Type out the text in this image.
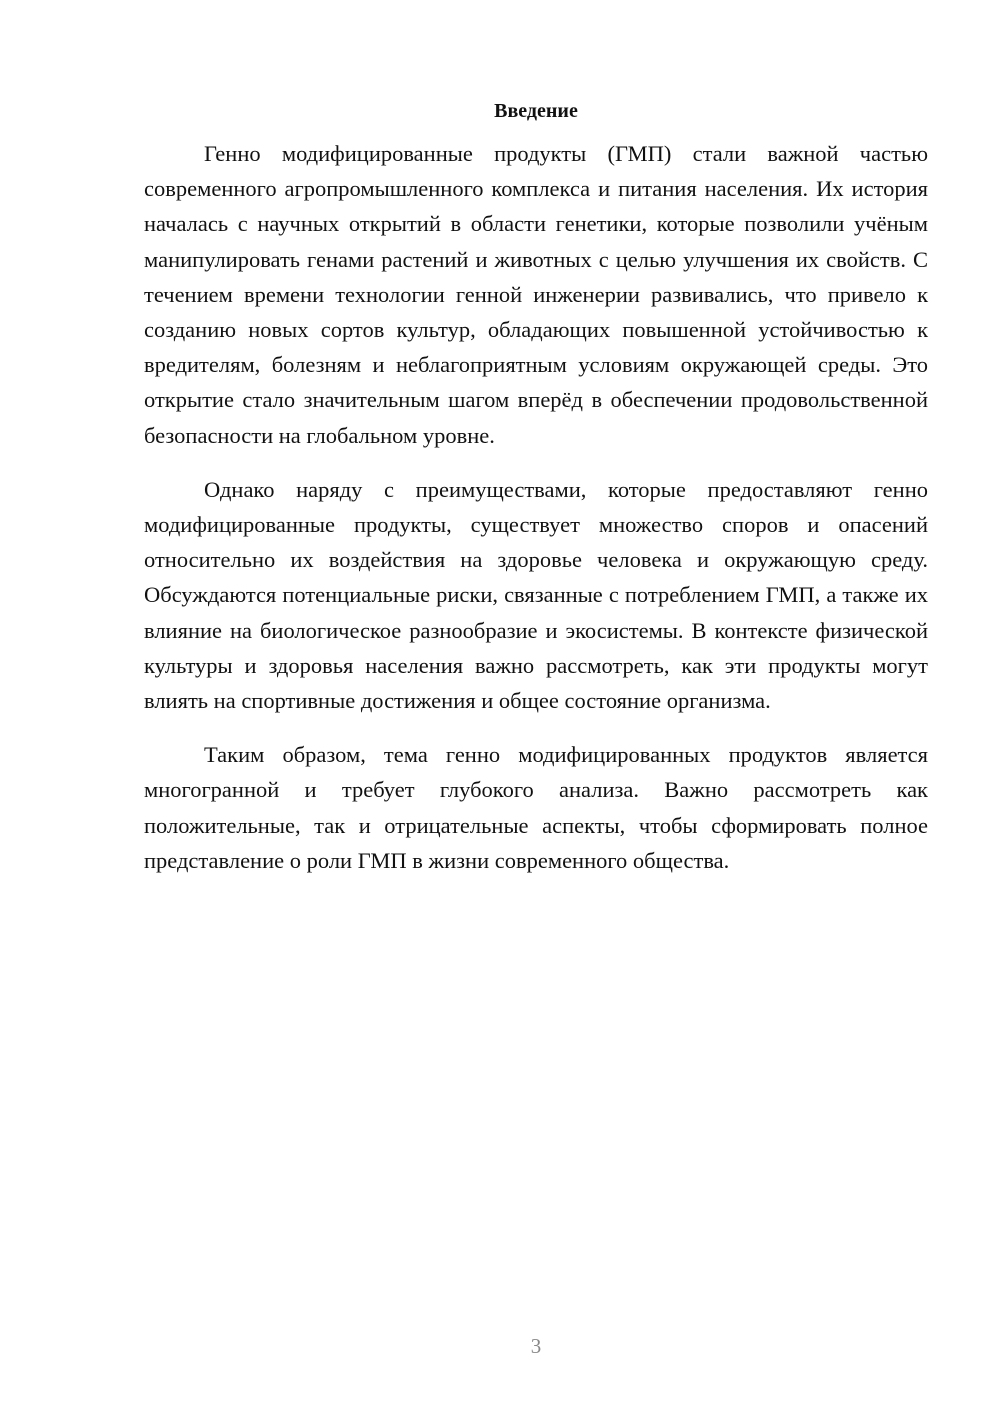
Введение

Генно модифицированные продукты (ГМП) стали важной частью современного агропромышленного комплекса и питания населения. Их история началась с научных открытий в области генетики, которые позволили учёным манипулировать генами растений и животных с целью улучшения их свойств. С течением времени технологии генной инженерии развивались, что привело к созданию новых сортов культур, обладающих повышенной устойчивостью к вредителям, болезням и неблагоприятным условиям окружающей среды. Это открытие стало значительным шагом вперёд в обеспечении продовольственной безопасности на глобальном уровне.

Однако наряду с преимуществами, которые предоставляют генно модифицированные продукты, существует множество споров и опасений относительно их воздействия на здоровье человека и окружающую среду. Обсуждаются потенциальные риски, связанные с потреблением ГМП, а также их влияние на биологическое разнообразие и экосистемы. В контексте физической культуры и здоровья населения важно рассмотреть, как эти продукты могут влиять на спортивные достижения и общее состояние организма.

Таким образом, тема генно модифицированных продуктов является многогранной и требует глубокого анализа. Важно рассмотреть как положительные, так и отрицательные аспекты, чтобы сформировать полное представление о роли ГМП в жизни современного общества.

3
